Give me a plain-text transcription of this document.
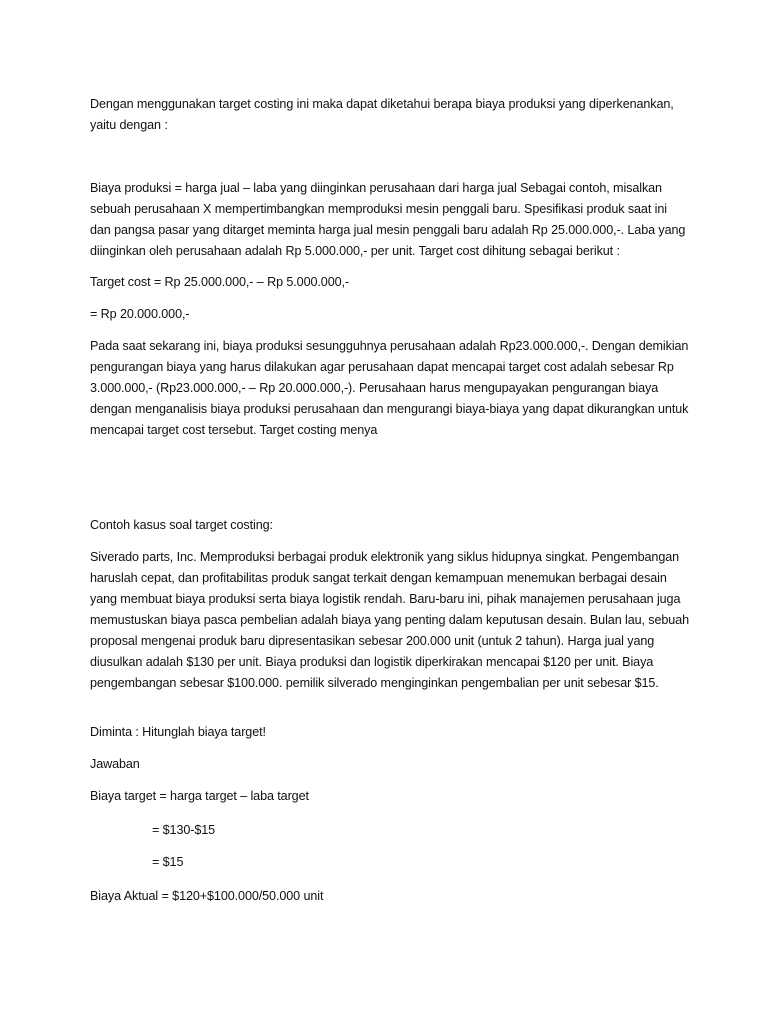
Dengan menggunakan target costing ini maka dapat diketahui berapa biaya produksi yang diperkenankan, yaitu dengan :

Biaya produksi = harga jual – laba yang diinginkan perusahaan dari harga jual Sebagai contoh, misalkan sebuah perusahaan X mempertimbangkan memproduksi mesin penggali baru. Spesifikasi produk saat ini dan pangsa pasar yang ditarget meminta harga jual mesin penggali baru adalah Rp 25.000.000,-. Laba yang diinginkan oleh perusahaan adalah Rp 5.000.000,- per unit. Target cost dihitung sebagai berikut :

Target cost = Rp 25.000.000,- – Rp 5.000.000,-

= Rp 20.000.000,-

Pada saat sekarang ini, biaya produksi sesungguhnya perusahaan adalah Rp23.000.000,-. Dengan demikian pengurangan biaya yang harus dilakukan agar perusahaan dapat mencapai target cost adalah sebesar Rp 3.000.000,- (Rp23.000.000,- – Rp 20.000.000,-). Perusahaan harus mengupayakan pengurangan biaya dengan menganalisis biaya produksi perusahaan dan mengurangi biaya-biaya yang dapat dikurangkan untuk mencapai target cost tersebut. Target costing menya

Contoh kasus soal target costing:

Siverado parts, Inc. Memproduksi berbagai produk elektronik yang siklus hidupnya singkat. Pengembangan haruslah cepat, dan profitabilitas produk sangat terkait dengan kemampuan menemukan berbagai desain yang membuat biaya produksi serta biaya logistik rendah. Baru-baru ini, pihak manajemen perusahaan juga memustuskan biaya pasca pembelian adalah biaya yang penting dalam keputusan desain. Bulan lau, sebuah proposal mengenai produk baru dipresentasikan sebesar 200.000 unit (untuk 2 tahun). Harga jual yang diusulkan adalah $130 per unit. Biaya produksi dan logistik diperkirakan mencapai $120 per unit. Biaya pengembangan sebesar $100.000. pemilik silverado menginginkan pengembalian per unit sebesar $15.

Diminta : Hitunglah biaya target!

Jawaban

Biaya target = harga target – laba target

= $130-$15

= $15

Biaya Aktual = $120+$100.000/50.000 unit
